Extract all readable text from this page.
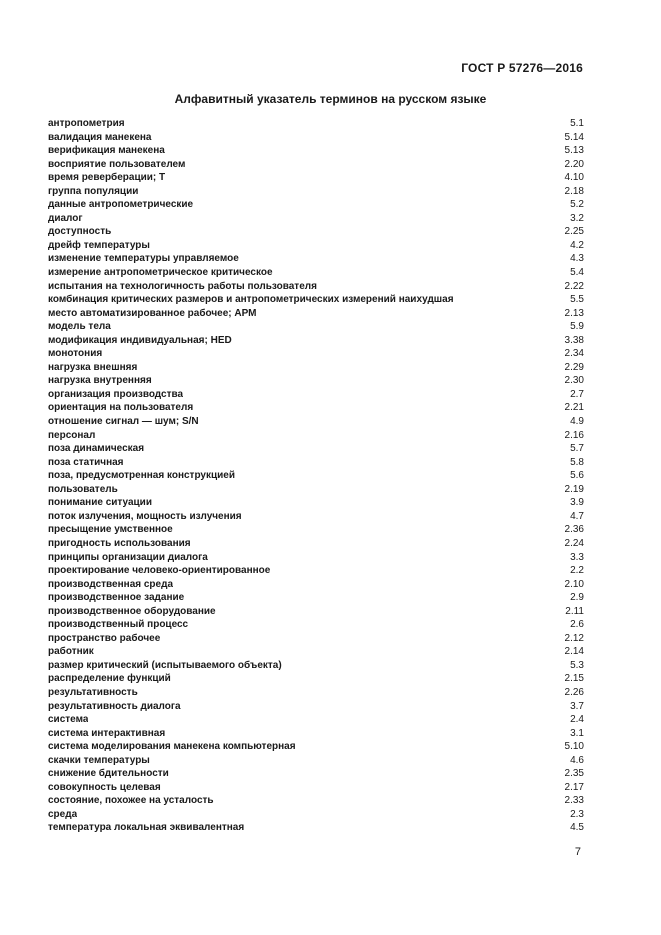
ГОСТ Р 57276—2016
Алфавитный указатель терминов на русском языке
антропометрия	5.1
валидация манекена	5.14
верификация манекена	5.13
восприятие пользователем	2.20
время реверберации; T	4.10
группа популяции	2.18
данные антропометрические	5.2
диалог	3.2
доступность	2.25
дрейф температуры	4.2
изменение температуры управляемое	4.3
измерение антропометрическое критическое	5.4
испытания на технологичность работы пользователя	2.22
комбинация критических размеров и антропометрических измерений наихудшая	5.5
место автоматизированное рабочее; АРМ	2.13
модель тела	5.9
модификация индивидуальная; HED	3.38
монотония	2.34
нагрузка внешняя	2.29
нагрузка внутренняя	2.30
организация производства	2.7
ориентация на пользователя	2.21
отношение сигнал — шум; S/N	4.9
персонал	2.16
поза динамическая	5.7
поза статичная	5.8
поза, предусмотренная конструкцией	5.6
пользователь	2.19
понимание ситуации	3.9
поток излучения, мощность излучения	4.7
пресыщение умственное	2.36
пригодность использования	2.24
принципы организации диалога	3.3
проектирование человеко-ориентированное	2.2
производственная среда	2.10
производственное задание	2.9
производственное оборудование	2.11
производственный процесс	2.6
пространство рабочее	2.12
работник	2.14
размер критический (испытываемого объекта)	5.3
распределение функций	2.15
результативность	2.26
результативность диалога	3.7
система	2.4
система интерактивная	3.1
система моделирования манекена компьютерная	5.10
скачки температуры	4.6
снижение бдительности	2.35
совокупность целевая	2.17
состояние, похожее на усталость	2.33
среда	2.3
температура локальная эквивалентная	4.5
7
